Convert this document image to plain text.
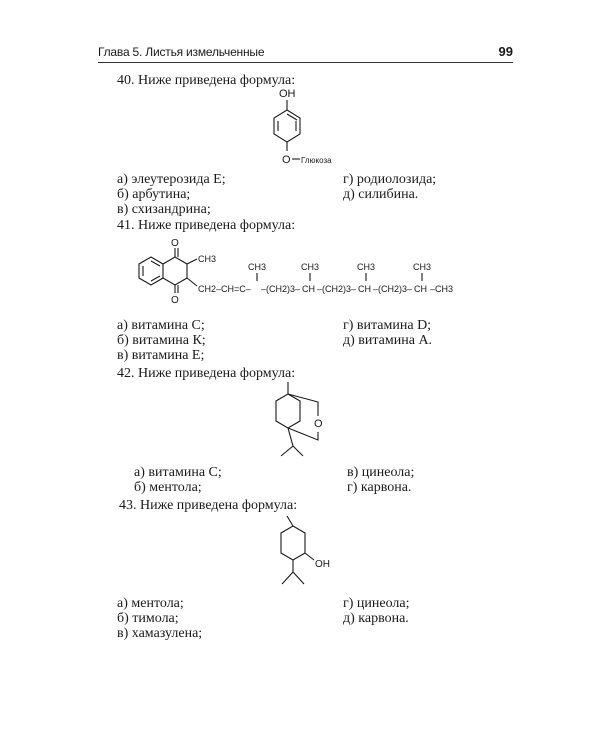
Глава 5. Листья измельченные	99
40. Ниже приведена формула:
OH
O Глюкоза
а) элеутерозида Е;
б) арбутина;
в) схизандрина;
г) родиолозида;
д) силибина.
41. Ниже приведена формула:
O
O
CH3
CH2 –CH=C–
CH3
–(CH2)3– CH
CH3
–(CH2)3– CH
CH3
–(CH2)3– CH
CH3
–CH3
а) витамина С;
б) витамина К;
в) витамина Е;
г) витамина D;
д) витамина А.
42. Ниже приведена формула:
O
а) витамина С;
б) ментола;
в) цинеола;
г) карвона.
43. Ниже приведена формула:
OH
а) ментола;
б) тимола;
в) хамазулена;
г) цинеола;
д) карвона.
